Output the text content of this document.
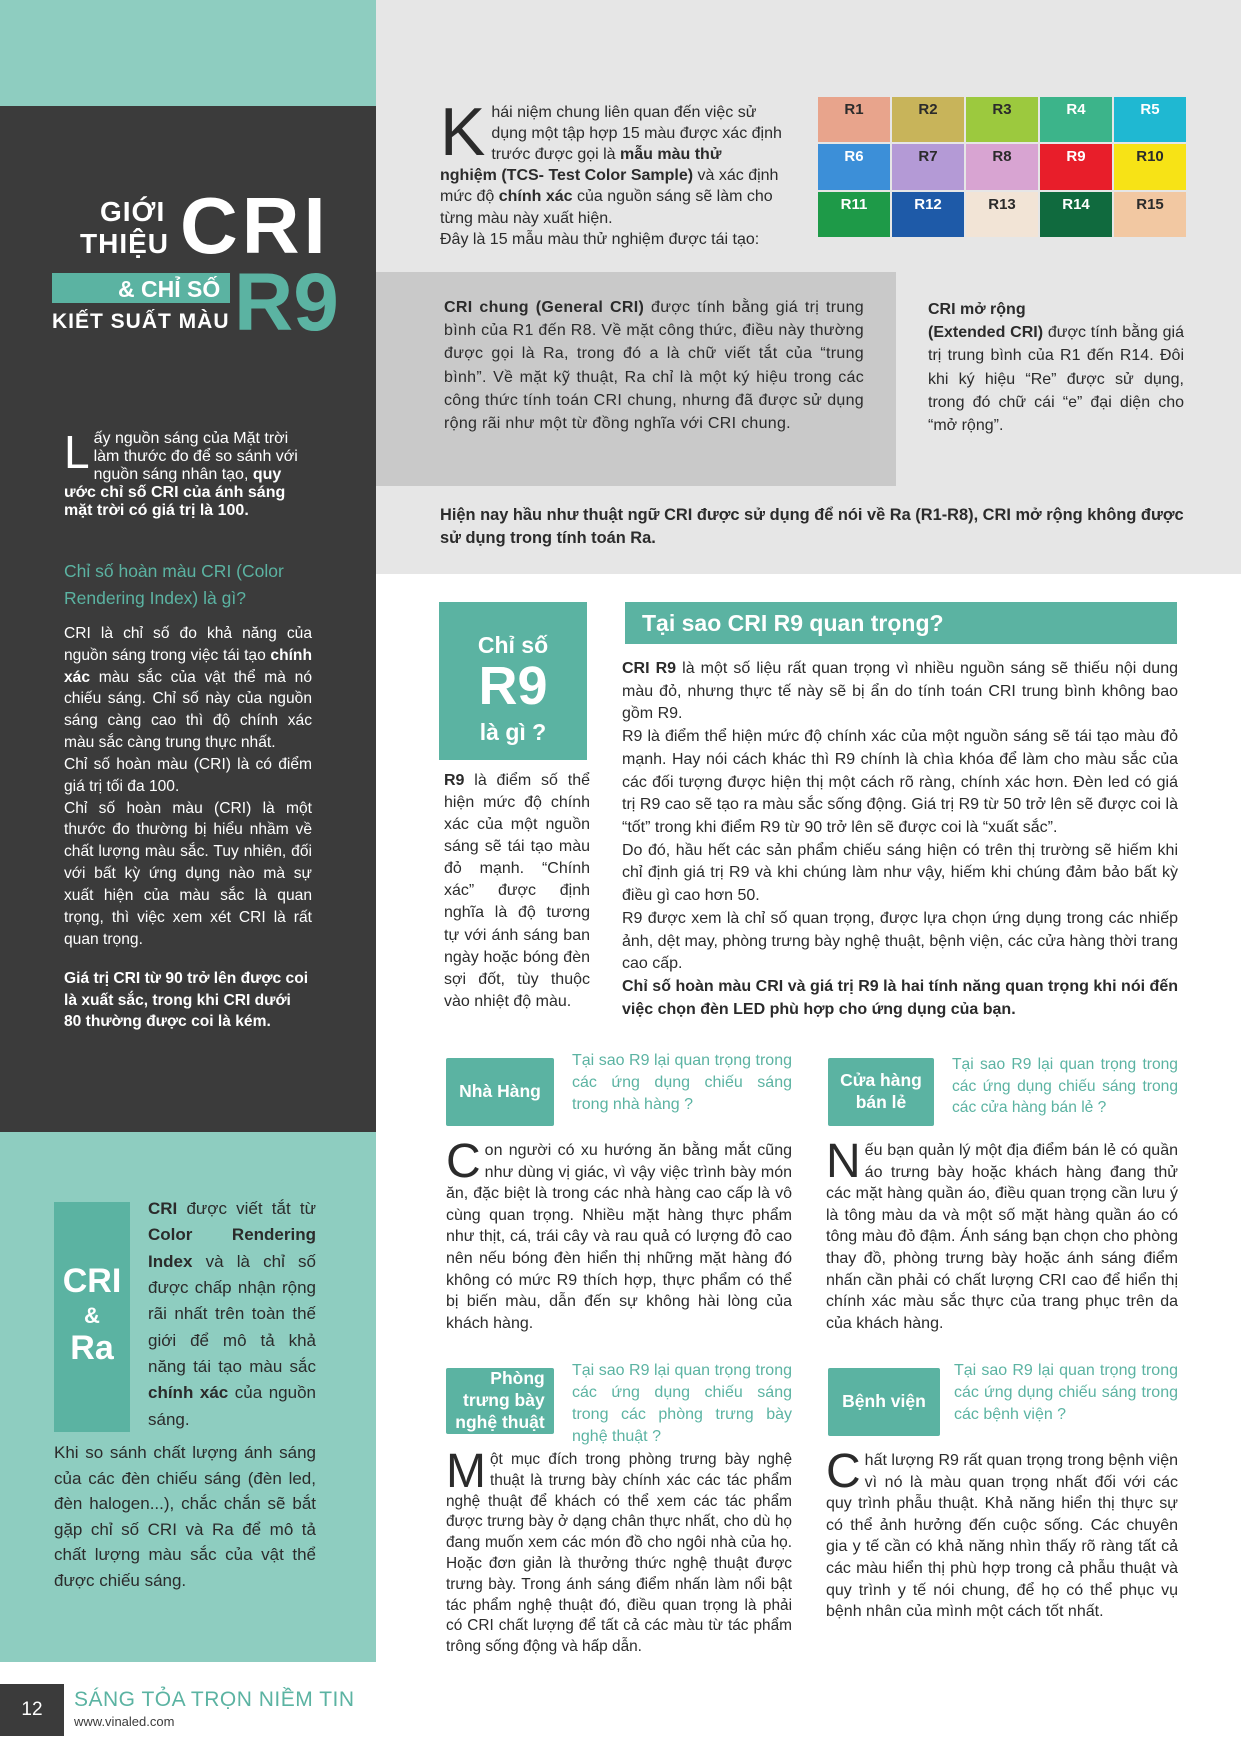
GIỚI
THIỆU CRI
& CHỈ SỐ
KIẾT SUẤT MÀU R9
Lấy nguồn sáng của Mặt trời làm thước đo để so sánh với nguồn sáng nhân tạo, quy ước chỉ số CRI của ánh sáng mặt trời có giá trị là 100.
Chỉ số hoàn màu CRI (Color Rendering Index) là gì?

CRI là chỉ số đo khả năng của nguồn sáng trong việc tái tạo chính xác màu sắc của vật thể mà nó chiếu sáng. Chỉ số này của nguồn sáng càng cao thì độ chính xác màu sắc càng trung thực nhất.

Chỉ số hoàn màu (CRI) là có điểm giá trị tối đa 100.

Chỉ số hoàn màu (CRI) là một thước đo thường bị hiểu nhầm về chất lượng màu sắc. Tuy nhiên, đối với bất kỳ ứng dụng nào mà sự xuất hiện của màu sắc là quan trọng, thì việc xem xét CRI là rất quan trọng.

Giá trị CRI từ 90 trở lên được coi là xuất sắc, trong khi CRI dưới 80 thường được coi là kém.
CRI
&
Ra
CRI được viết tắt từ Color Rendering Index và là chỉ số được chấp nhận rộng rãi nhất trên toàn thế giới để mô tả khả năng tái tạo màu sắc chính xác của nguồn sáng.
Khi so sánh chất lượng ánh sáng của các đèn chiếu sáng (đèn led, đèn halogen...), chắc chắn sẽ bắt gặp chỉ số CRI và Ra để mô tả chất lượng màu sắc của vật thể được chiếu sáng.
Khái niệm chung liên quan đến việc sử dụng một tập hợp 15 màu được xác định trước được gọi là mẫu màu thử nghiệm (TCS- Test Color Sample) và xác định mức độ chính xác của nguồn sáng sẽ làm cho từng màu này xuất hiện.
Đây là 15 mẫu màu thử nghiệm được tái tạo:
R1	R2	R3	R4	R5
R6	R7	R8	R9	R10
R11	R12	R13	R14	R15
CRI chung (General CRI) được tính bằng giá trị trung bình của R1 đến R8. Về mặt công thức, điều này thường được gọi là Ra, trong đó a là chữ viết tắt của “trung bình”. Về mặt kỹ thuật, Ra chỉ là một ký hiệu trong các công thức tính toán CRI chung, nhưng đã được sử dụng rộng rãi như một từ đồng nghĩa với CRI chung.
CRI mở rộng
(Extended CRI) được tính bằng giá trị trung bình của R1 đến R14. Đôi khi ký hiệu “Re” được sử dụng, trong đó chữ cái “e” đại diện cho “mở rộng”.
Hiện nay hầu như thuật ngữ CRI được sử dụng để nói về Ra (R1-R8), CRI mở rộng không được sử dụng trong tính toán Ra.
Chỉ số
R9
là gì ?
R9 là điểm số thể hiện mức độ chính xác của một nguồn sáng sẽ tái tạo màu đỏ mạnh. “Chính xác” được định nghĩa là độ tương tự với ánh sáng ban ngày hoặc bóng đèn sợi đốt, tùy thuộc vào nhiệt độ màu.
Tại sao CRI R9 quan trọng?

CRI R9 là một số liệu rất quan trọng vì nhiều nguồn sáng sẽ thiếu nội dung màu đỏ, nhưng thực tế này sẽ bị ẩn do tính toán CRI trung bình không bao gồm R9.

R9 là điểm thể hiện mức độ chính xác của một nguồn sáng sẽ tái tạo màu đỏ mạnh. Hay nói cách khác thì R9 chính là chìa khóa để làm cho màu sắc của các đối tượng được hiện thị một cách rõ ràng, chính xác hơn. Đèn led có giá trị R9 cao sẽ tạo ra màu sắc sống động. Giá trị R9 từ 50 trở lên sẽ được coi là “tốt” trong khi điểm R9 từ 90 trở lên sẽ được coi là “xuất sắc”.

Do đó, hầu hết các sản phẩm chiếu sáng hiện có trên thị trường sẽ hiếm khi chỉ định giá trị R9 và khi chúng làm như vậy, hiếm khi chúng đảm bảo bất kỳ điều gì cao hơn 50.

R9 được xem là chỉ số quan trọng, được lựa chọn ứng dụng trong các nhiếp ảnh, dệt may, phòng trưng bày nghệ thuật, bệnh viện, các cửa hàng thời trang cao cấp.

Chỉ số hoàn màu CRI và giá trị R9 là hai tính năng quan trọng khi nói đến việc chọn đèn LED phù hợp cho ứng dụng của bạn.

Nhà Hàng
Tại sao R9 lại quan trọng trong các ứng dụng chiếu sáng trong nhà hàng ?
Con người có xu hướng ăn bằng mắt cũng như dùng vị giác, vì vậy việc trình bày món ăn, đặc biệt là trong các nhà hàng cao cấp là vô cùng quan trọng. Nhiều mặt hàng thực phẩm như thịt, cá, trái cây và rau quả có lượng đỏ cao nên nếu bóng đèn hiển thị những mặt hàng đó không có mức R9 thích hợp, thực phẩm có thể bị biến màu, dẫn đến sự không hài lòng của khách hàng.
Cửa hàng
bán lẻ
Tại sao R9 lại quan trọng trong các ứng dụng chiếu sáng trong các cửa hàng bán lẻ ?
Nếu bạn quản lý một địa điểm bán lẻ có quần áo trưng bày hoặc khách hàng đang thử các mặt hàng quần áo, điều quan trọng cần lưu ý là tông màu da và một số mặt hàng quần áo có tông màu đỏ đậm. Ánh sáng bạn chọn cho phòng thay đồ, phòng trưng bày hoặc ánh sáng điểm nhấn cần phải có chất lượng CRI cao để hiển thị chính xác màu sắc thực của trang phục trên da của khách hàng.
Phòng
trưng bày
nghệ thuật
Tại sao R9 lại quan trọng trong các ứng dụng chiếu sáng trong các phòng trưng bày nghệ thuật ?
Một mục đích trong phòng trưng bày nghệ thuật là trưng bày chính xác các tác phẩm nghệ thuật để khách có thể xem các tác phẩm được trưng bày ở dạng chân thực nhất, cho dù họ đang muốn xem các món đồ cho ngôi nhà của họ. Hoặc đơn giản là thưởng thức nghệ thuật được trưng bày. Trong ánh sáng điểm nhấn làm nổi bật tác phẩm nghệ thuật đó, điều quan trọng là phải có CRI chất lượng để tất cả các màu từ tác phẩm trông sống động và hấp dẫn.
Bệnh viện
Tại sao R9 lại quan trọng trong các ứng dụng chiếu sáng trong các bệnh viện ?
Chất lượng R9 rất quan trọng trong bệnh viện vì nó là màu quan trọng nhất đối với các quy trình phẫu thuật. Khả năng hiển thị thực sự có thể ảnh hưởng đến cuộc sống. Các chuyên gia y tế cần có khả năng nhìn thấy rõ ràng tất cả các màu hiển thị phù hợp trong cả phẫu thuật và quy trình y tế nói chung, để họ có thể phục vụ bệnh nhân của mình một cách tốt nhất.
12	SÁNG TỎA TRỌN NIỀM TIN
www.vinaled.com
